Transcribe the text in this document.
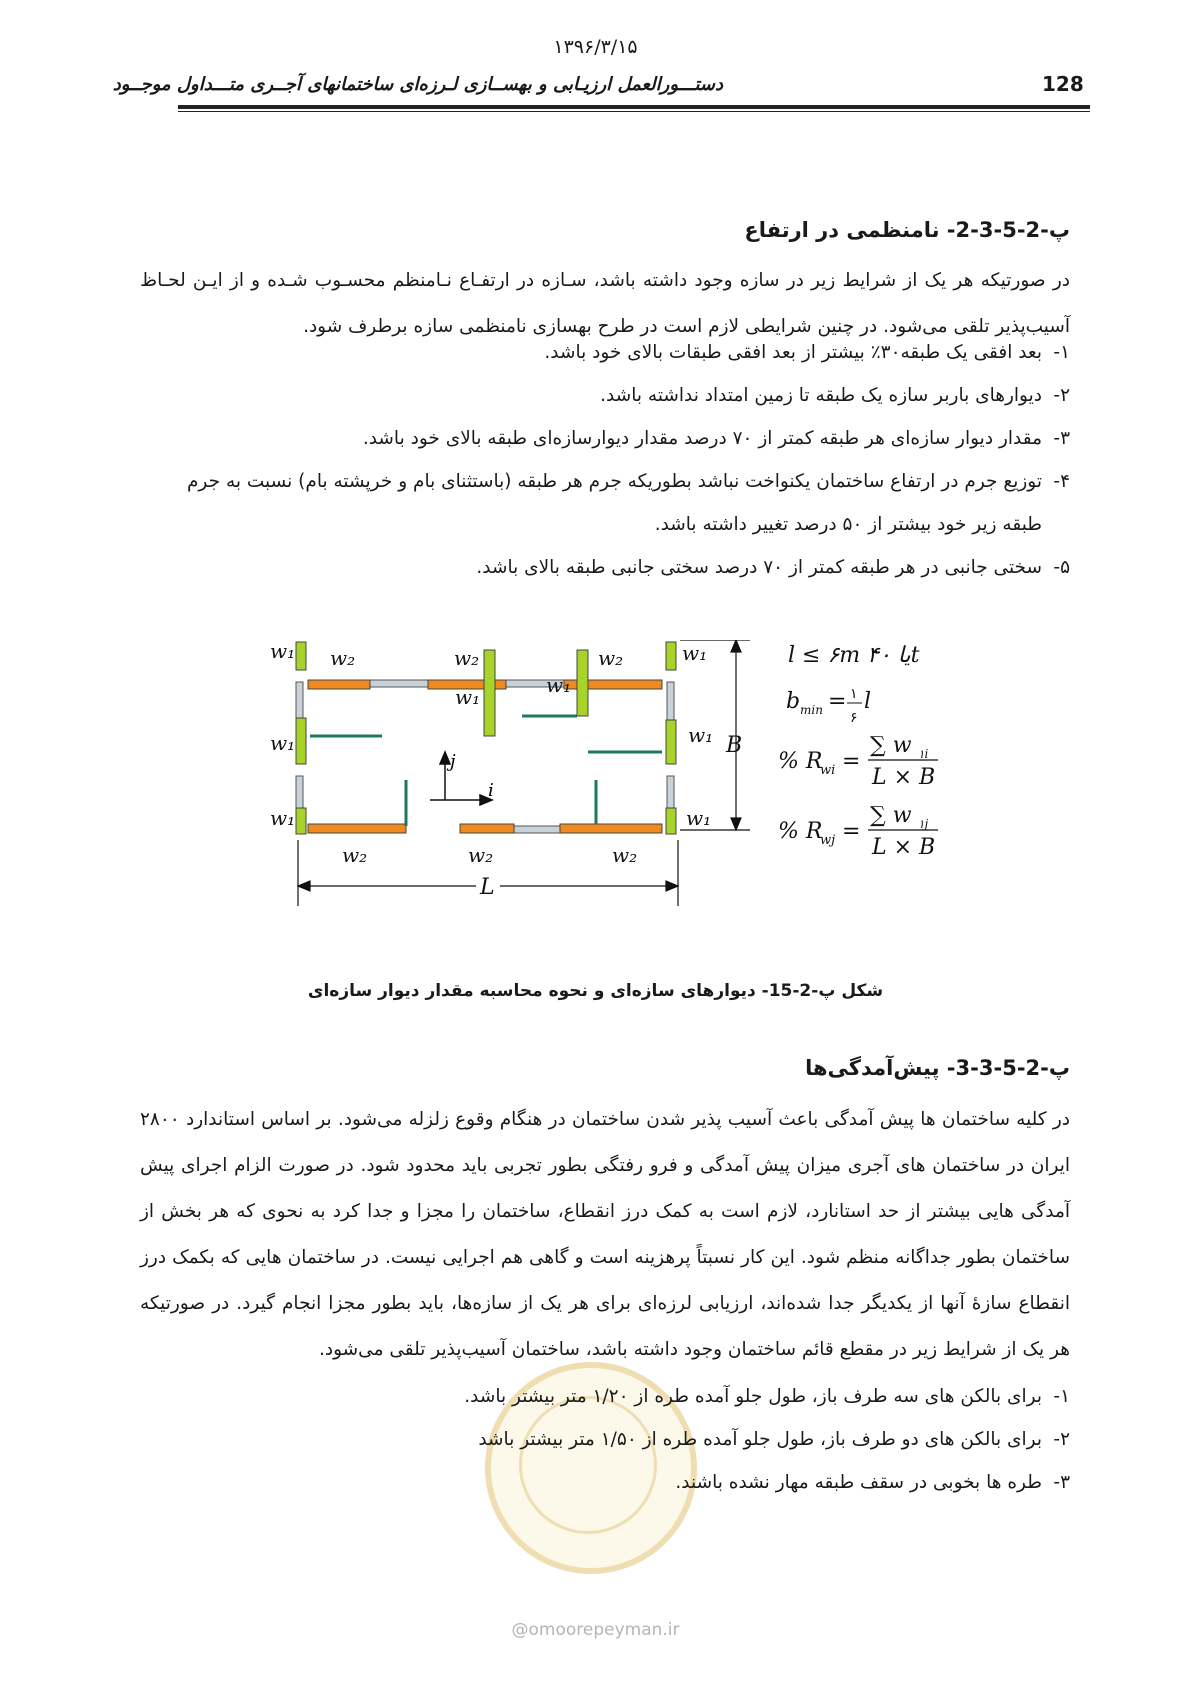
۱۳۹۶/۳/۱۵
128
دستـــورالعمل ارزیـابی و بهســازی لـرزه‌ای ساختمانهای آجــری متـــداول موجــود
پ-2-5-3-2- نامنظمی در ارتفاع
در صورتیکه هر یک از شرایط زیر در سازه وجود داشته باشد، سـازه در ارتفـاع نـامنظم محسـوب شـده و از ایـن لحـاظ آسیب‌پذیر تلقی می‌شود. در چنین شرایطی لازم است در طرح بهسازی نامنظمی سازه برطرف شود.
۱-بعد افقی یک طبقه۳۰٪ بیشتر از بعد افقی طبقات بالای خود باشد.
۲-دیوارهای باربر سازه یک طبقه تا زمین امتداد نداشته باشد.
۳-مقدار دیوار سازه‌ای هر طبقه کمتر از ۷۰ درصد مقدار دیوارسازه‌ای طبقه بالای خود باشد.
۴-توزیع جرم در ارتفاع ساختمان یکنواخت نباشد بطوریکه جرم هر طبقه (باستثنای بام و خرپشته بام) نسبت به جرم
طبقه زیر خود بیشتر از ۵۰ درصد تغییر داشته باشد.
۵-سختی جانبی در هر طبقه کمتر از ۷۰ درصد سختی جانبی طبقه بالای باشد.
j
i
w₂	w₂	w₂
w₁
w₁
w₁
w₁
w₁
w₁
w₁	w₁
w₂	w₂	w₂
B
L
l ≤ ۶m یا ۴۰t
b min = ۱
۶
l
% R
wi =
∑ w ۱i
L × B
% R
wj =
∑ w ۱j
L × B
شکل پ-2-15- دیوارهای سازه‌ای و نحوه محاسبه مقدار دیوار سازه‌ای
پ-2-5-3-3- پیش‌آمدگی‌ها
در کلیه ساختمان ها پیش آمدگی باعث آسیب پذیر شدن ساختمان در هنگام وقوع زلزله می‌شود. بر اساس استاندارد ۲۸۰۰ ایران در ساختمان های آجری میزان پیش آمدگی و فرو رفتگی بطور تجربی باید محدود شود. در صورت الزام اجرای پیش آمدگی هایی بیشتر از حد استانارد، لازم است به کمک درز انقطاع، ساختمان را مجزا و جدا کرد به نحوی که هر بخش از ساختمان بطور جداگانه منظم شود. این کار نسبتاً پرهزینه است و گاهی هم اجرایی نیست. در ساختمان هایی که بکمک درز انقطاع سازۀ آنها از یکدیگر جدا شده‌اند، ارزیابی لرزه‌ای برای هر یک از سازه‌ها، باید بطور مجزا انجام گیرد. در صورتیکه هر یک از شرایط زیر در مقطع قائم ساختمان وجود داشته باشد، ساختمان آسیب‌پذیر تلقی می‌شود.
۱-برای بالکن های سه طرف باز، طول جلو آمده طره از ۱/۲۰ متر بیشتر باشد.
۲-برای بالکن های دو طرف باز، طول جلو آمده طره از ۱/۵۰ متر بیشتر باشد
۳-طره ها بخوبی در سقف طبقه مهار نشده باشند.
@omoorepeyman.ir
